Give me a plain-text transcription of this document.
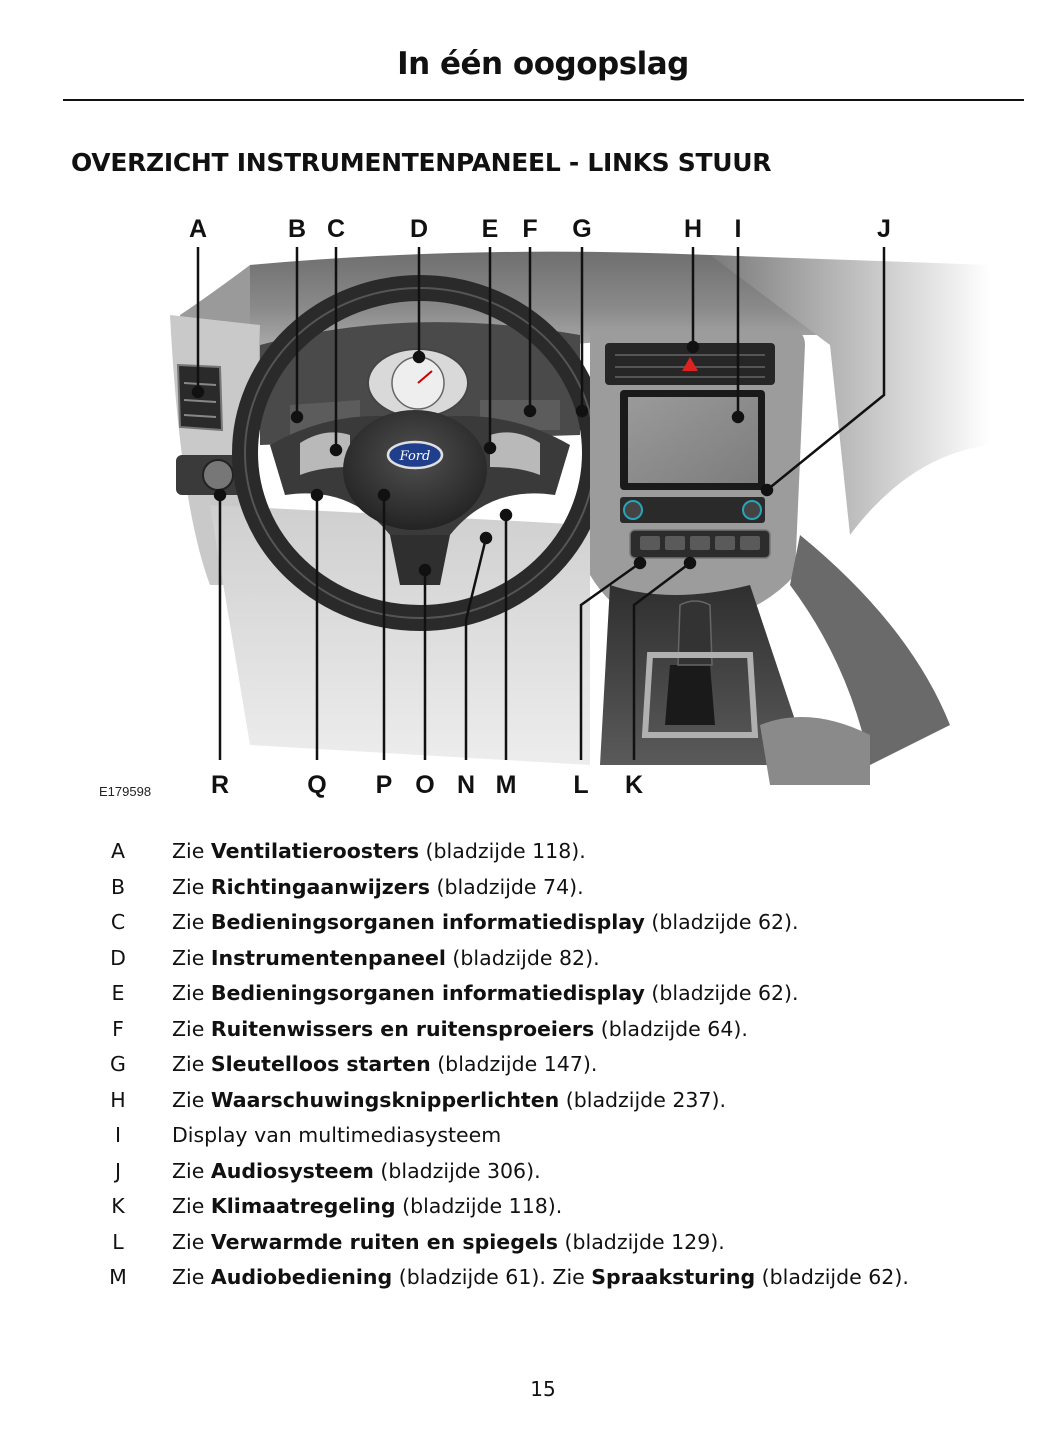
In één oogopslag
OVERZICHT INSTRUMENTENPANEEL - LINKS STUUR
Ford
A	B C	D E F G	H I	J
R	Q P O N M L K
E179598
A	Zie Ventilatieroosters (bladzijde 118).
B	Zie Richtingaanwijzers (bladzijde 74).
C	Zie Bedieningsorganen informatiedisplay (bladzijde 62).
D	Zie Instrumentenpaneel (bladzijde 82).
E	Zie Bedieningsorganen informatiedisplay (bladzijde 62).
F	Zie Ruitenwissers en ruitensproeiers (bladzijde 64).
G	Zie Sleutelloos starten (bladzijde 147).
H	Zie Waarschuwingsknipperlichten (bladzijde 237).
I	Display van multimediasysteem
J	Zie Audiosysteem (bladzijde 306).
K	Zie Klimaatregeling (bladzijde 118).
L	Zie Verwarmde ruiten en spiegels (bladzijde 129).
M	Zie Audiobediening (bladzijde 61). Zie Spraaksturing (bladzijde 62).
15
